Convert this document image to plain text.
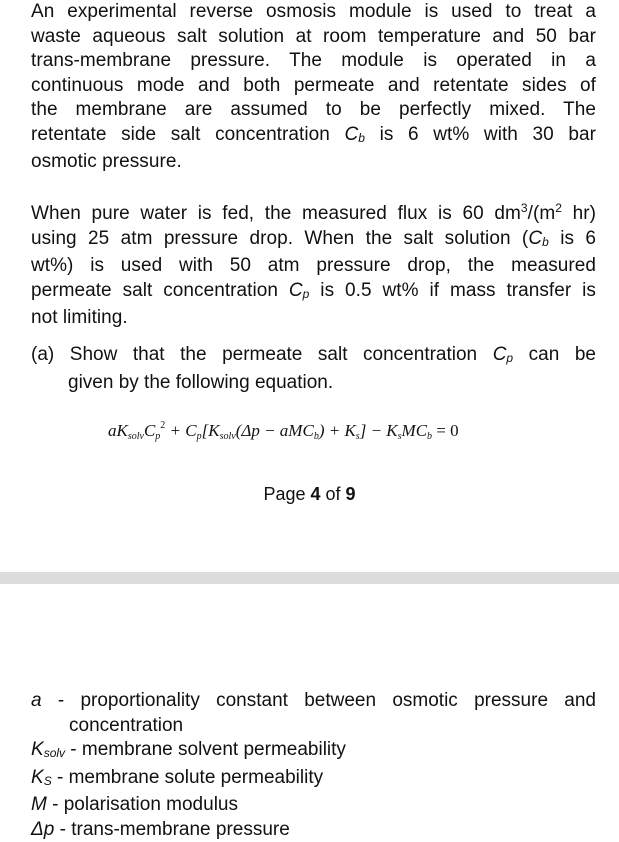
An experimental reverse osmosis module is used to treat a
waste aqueous salt solution at room temperature and 50 bar
trans-membrane pressure. The module is operated in a
continuous mode and both permeate and retentate sides of
the membrane are assumed to be perfectly mixed. The
retentate side salt concentration $C_b$ is 6 wt% with 30 bar
osmotic pressure.

When pure water is fed, the measured flux is 60 $dm^3/(m^2$ hr)
using 25 atm pressure drop. When the salt solution ($C_b$ is 6
wt%) is used with 50 atm pressure drop, the measured
permeate salt concentration $C_p$ is 0.5 wt% if mass transfer is
not limiting.

(a) Show that the permeate salt concentration $C_p$ can be
given by the following equation.
$aK_{solv}C_p^2 + C_p[K_{solv}(\Delta p - aMC_b) + K_s] - K_sMC_b = 0$
Page 4 of 9
a - proportionality constant between osmotic pressure and
concentration
$K_{solv}$ - membrane solvent permeability
$K_S$ - membrane solute permeability
M - polarisation modulus
Δp - trans-membrane pressure
